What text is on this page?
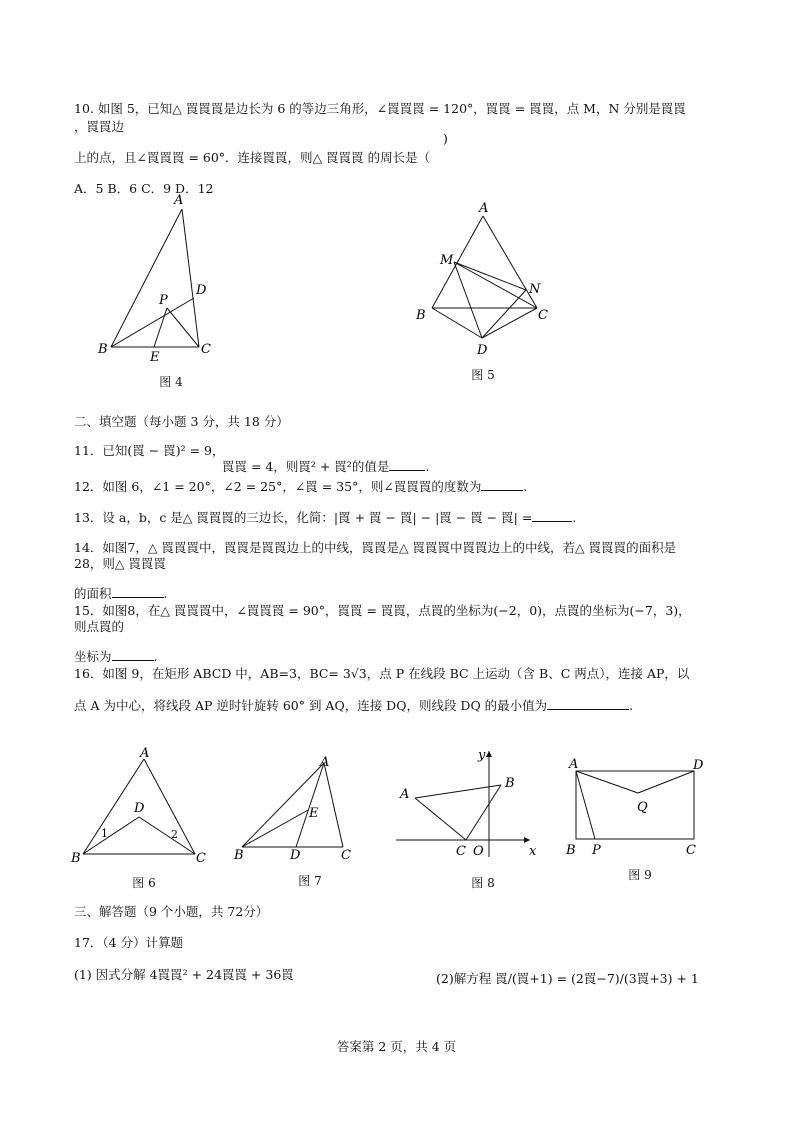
10. 如图 5，已知△ 䍚䍚䍚是边长为 6 的等边三角形，∠䍚䍚䍚 = 120°，䍚䍚 = 䍚䍚，点 M，N 分别是䍚䍚
，䍚䍚边
)
上的点，且∠䍚䍚䍚 = 60°．连接䍚䍚，则△ 䍚䍚䍚 的周长是（
A．5 B．6 C．9 D．12
A
B	C
D
E
P
图 4
A
B	C
D
M
N
图 5
二、填空题（每小题 3 分，共 18 分）
11．已知(䍚 − 䍚)² = 9，
䍚䍚 = 4，则䍚² + 䍚²的值是	.
12．如图 6，∠1 = 20°，∠2 = 25°，∠䍚 = 35°，则∠䍚䍚䍚的度数为	.
13．设 a，b，c 是△ 䍚䍚䍚的三边长，化简：|䍚 + 䍚 − 䍚| − |䍚 − 䍚 − 䍚| =	.
14．如图7，△ 䍚䍚䍚中，䍚䍚是䍚䍚边上的中线，䍚䍚是△ 䍚䍚䍚中䍚䍚边上的中线，若△ 䍚䍚䍚的面积是
28，则△ 䍚䍚䍚
的面积	.
15．如图8，在△ 䍚䍚䍚中，∠䍚䍚䍚 = 90°，䍚䍚 = 䍚䍚，点䍚的坐标为(−2，0)，点䍚的坐标为(−7，3)，
则点䍚的
坐标为	.
16．如图 9，在矩形 ABCD 中，AB=3，BC= 3√3，点 P 在线段 BC 上运动（含 B、C 两点），连接 AP，以
点 A 为中心，将线段 AP 逆时针旋转 60° 到 AQ，连接 DQ，则线段 DQ 的最小值为	.
A
B	C
D
1	2
图 6
A
B	C
D
E
图 7
A
B
C O	x
y
图 8
A
B	C
D
P
Q
图 9
三、解答题（9 个小题，共 72分）
17．（4 分）计算题
(1) 因式分解 4䍚䍚² + 24䍚䍚 + 36䍚	(2)解方程 䍚/(䍚+1) = (2䍚−7)/(3䍚+3) + 1
答案第 2 页，共 4 页
